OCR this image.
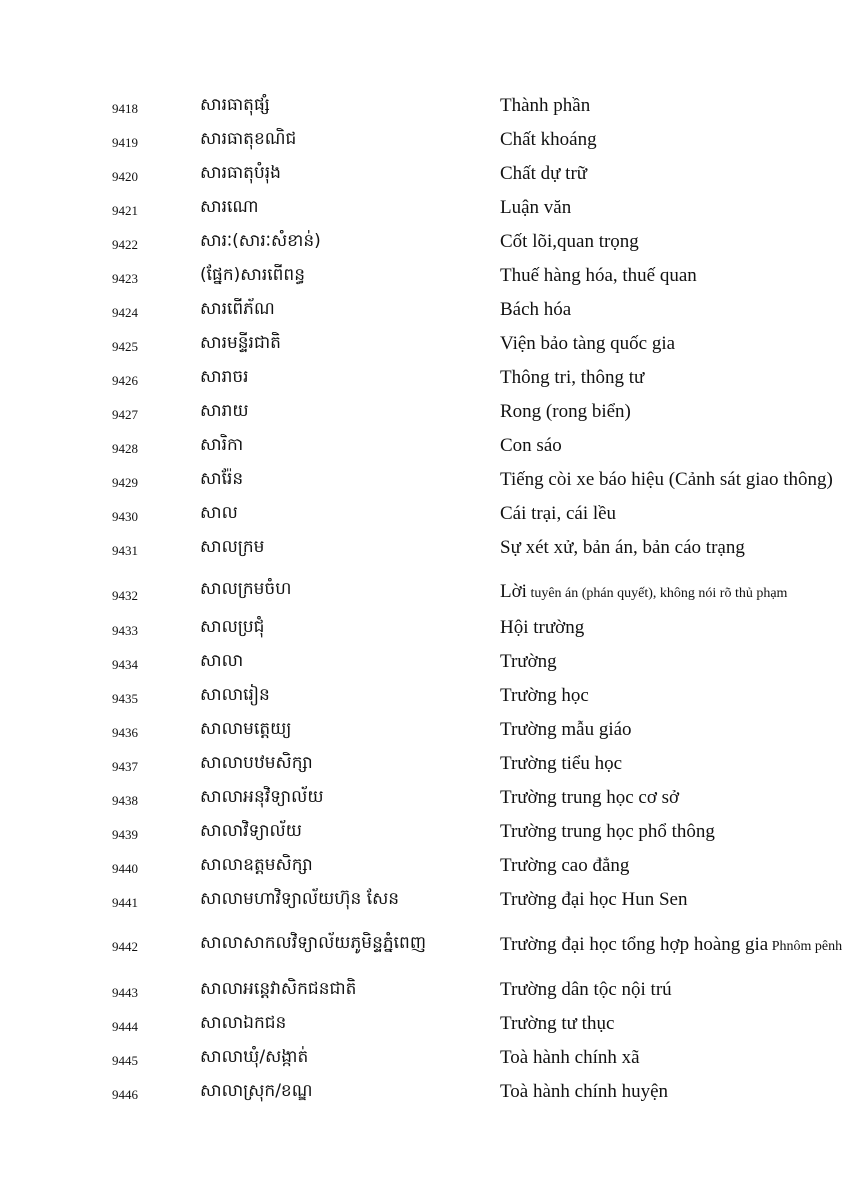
9418	សារធាតុផ្សំ	Thành phần
9419	សារធាតុខណិជ	Chất khoáng
9420	សារធាតុបំរុង	Chất dự trữ
9421	សារណោ	Luận văn
9422	សារៈ(សារៈសំខាន់)	Cốt lõi,quan trọng
9423	(ផ្នែក)សារពើពន្ធ	Thuế hàng hóa, thuế quan
9424	សារពើភ័ណ	Bách hóa
9425	សារមន្ទីរជាតិ	Viện bảo tàng quốc gia
9426	សារាចរ	Thông tri, thông tư
9427	សារាយ	Rong (rong biển)
9428	សារិកា	Con sáo
9429	សារ៉ែន	Tiếng còi xe báo hiệu (Cảnh sát giao thông)
9430	សាល	Cái trại, cái lều
9431	សាលក្រម	Sự xét xử, bản án, bản cáo trạng
9432	សាលក្រមចំហ	Lời tuyên án (phán quyết), không nói rõ thủ phạm
9433	សាលប្រជុំ	Hội trường
9434	សាលា	Trường
9435	សាលារៀន	Trường học
9436	សាលាមត្តេយ្យ	Trường mẫu giáo
9437	សាលាបឋមសិក្សា	Trường tiểu học
9438	សាលាអនុវិទ្យាល័យ	Trường trung học cơ sở
9439	សាលាវិទ្យាល័យ	Trường trung học phổ thông
9440	សាលាឧត្តមសិក្សា	Trường cao đẳng
9441	សាលាមហាវិទ្យាល័យហ៊ុន សែន	Trường đại học Hun Sen
9442	សាលាសាកលវិទ្យាល័យភូមិន្ទភ្នំពេញ	Trường đại học tổng hợp hoàng gia Phnôm pênh
9443	សាលាអន្តេវាសិកជនជាតិ	Trường dân tộc nội trú
9444	សាលាឯកជន	Trường tư thục
9445	សាលាឃុំ/សង្កាត់	Toà hành chính xã
9446	សាលាស្រុក/ខណ្ឌ	Toà hành chính huyện
